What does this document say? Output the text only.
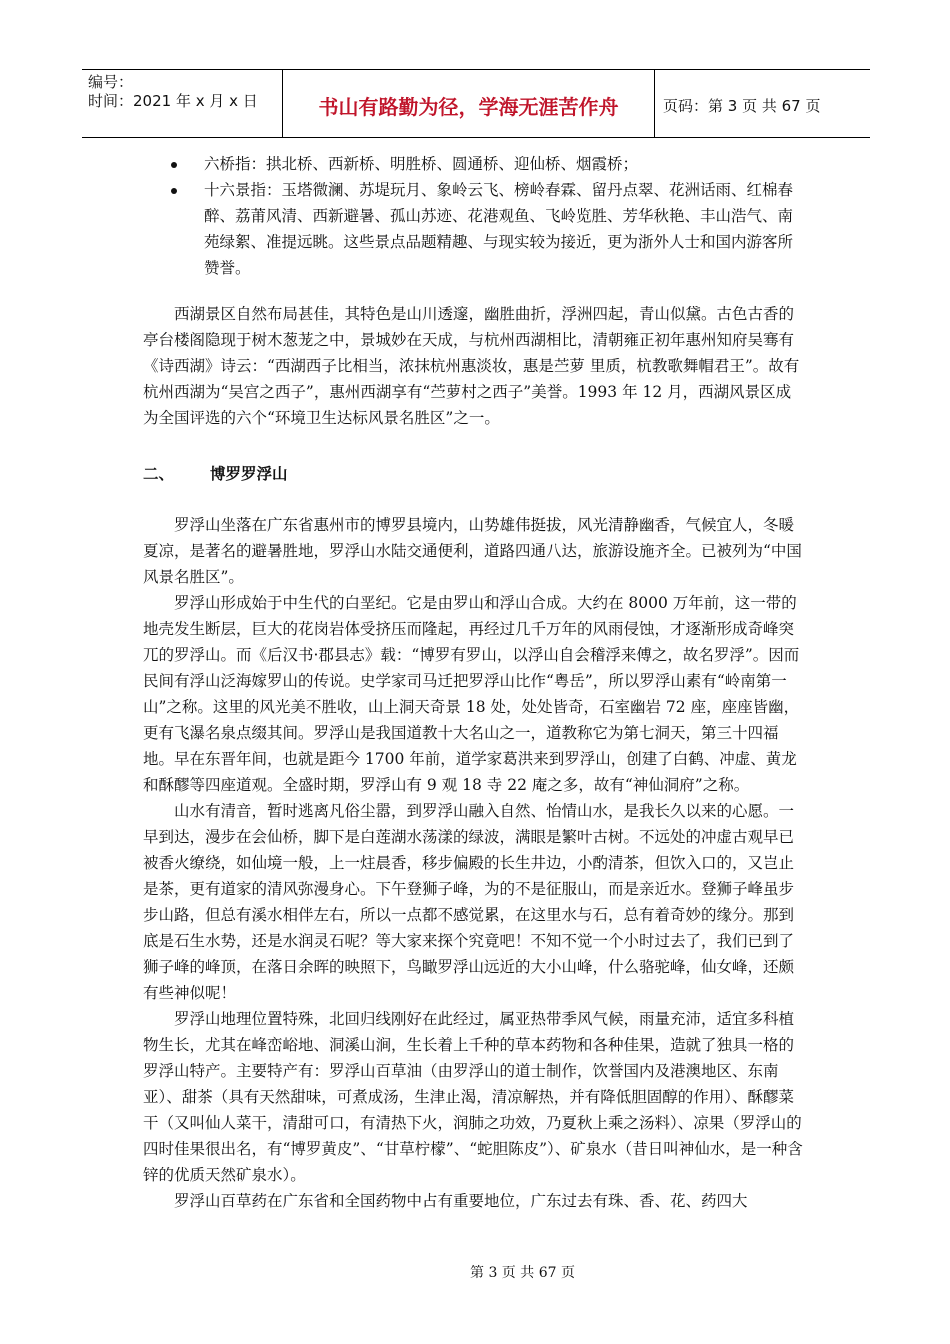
编号：
时间：2021 年 x 月 x 日	书山有路勤为径，学海无涯苦作舟	页码：第 3 页 共 67 页
六桥指：拱北桥、西新桥、明胜桥、圆通桥、迎仙桥、烟霞桥；
十六景指：玉塔微澜、苏堤玩月、象岭云飞、榜岭春霖、留丹点翠、花洲话雨、红棉春醉、荔莆风清、西新避暑、孤山苏迹、花港观鱼、飞岭览胜、芳华秋艳、丰山浩气、南苑绿絮、准提远眺。这些景点品题精趣、与现实较为接近，更为浙外人士和国内游客所赞誉。

西湖景区自然布局甚佳，其特色是山川透邃，幽胜曲折，浮洲四起，青山似黛。古色古香的亭台楼阁隐现于树木葱茏之中，景城妙在天成，与杭州西湖相比，清朝雍正初年惠州知府吴骞有《诗西湖》诗云：“西湖西子比相当，浓抹杭州惠淡妆，惠是苎萝 里质，杭教歌舞帽君王”。故有杭州西湖为“吴宫之西子”，惠州西湖享有“苎萝村之西子”美誉。1993 年 12 月，西湖风景区成为全国评选的六个“环境卫生达标风景名胜区”之一。

二、	博罗罗浮山

罗浮山坐落在广东省惠州市的博罗县境内，山势雄伟挺拔，风光清静幽香，气候宜人，冬暖夏凉，是著名的避暑胜地，罗浮山水陆交通便利，道路四通八达，旅游设施齐全。已被列为“中国风景名胜区”。

罗浮山形成始于中生代的白垩纪。它是由罗山和浮山合成。大约在 8000 万年前，这一带的地壳发生断层，巨大的花岗岩体受挤压而隆起，再经过几千万年的风雨侵蚀，才逐渐形成奇峰突兀的罗浮山。而《后汉书·郡县志》载：“博罗有罗山，以浮山自会稽浮来傅之，故名罗浮”。因而民间有浮山泛海嫁罗山的传说。史学家司马迁把罗浮山比作“粤岳”，所以罗浮山素有“岭南第一山”之称。这里的风光美不胜收，山上洞天奇景 18 处，处处皆奇，石室幽岩 72 座，座座皆幽，更有飞瀑名泉点缀其间。罗浮山是我国道教十大名山之一，道教称它为第七洞天，第三十四福地。早在东晋年间，也就是距今 1700 年前，道学家葛洪来到罗浮山，创建了白鹤、冲虚、黄龙和酥醪等四座道观。全盛时期，罗浮山有 9 观 18 寺 22 庵之多，故有“神仙洞府”之称。

山水有清音，暂时逃离凡俗尘嚣，到罗浮山融入自然、怡情山水，是我长久以来的心愿。一早到达，漫步在会仙桥，脚下是白莲湖水荡漾的绿波，满眼是繁叶古树。不远处的冲虚古观早已被香火缭绕，如仙境一般，上一炷晨香，移步偏殿的长生井边，小酌清茶，但饮入口的，又岂止是茶，更有道家的清风弥漫身心。下午登狮子峰，为的不是征服山，而是亲近水。登狮子峰虽步步山路，但总有溪水相伴左右，所以一点都不感觉累，在这里水与石，总有着奇妙的缘分。那到底是石生水势，还是水润灵石呢？等大家来探个究竟吧！不知不觉一个小时过去了，我们已到了狮子峰的峰顶，在落日余晖的映照下，鸟瞰罗浮山远近的大小山峰，什么骆驼峰，仙女峰，还颇有些神似呢！

罗浮山地理位置特殊，北回归线刚好在此经过，属亚热带季风气候，雨量充沛，适宜多科植物生长，尤其在峰峦峪地、洞溪山涧，生长着上千种的草本药物和各种佳果，造就了独具一格的罗浮山特产。主要特产有：罗浮山百草油（由罗浮山的道士制作，饮誉国内及港澳地区、东南亚）、甜茶（具有天然甜味，可煮成汤，生津止渴，清凉解热，并有降低胆固醇的作用）、酥醪菜干（又叫仙人菜干，清甜可口，有清热下火，润肺之功效，乃夏秋上乘之汤料）、凉果（罗浮山的四时佳果很出名，有“博罗黄皮”、“甘草柠檬”、“蛇胆陈皮”）、矿泉水（昔日叫神仙水，是一种含锌的优质天然矿泉水）。

罗浮山百草药在广东省和全国药物中占有重要地位，广东过去有珠、香、花、药四大

第 3 页 共 67 页
